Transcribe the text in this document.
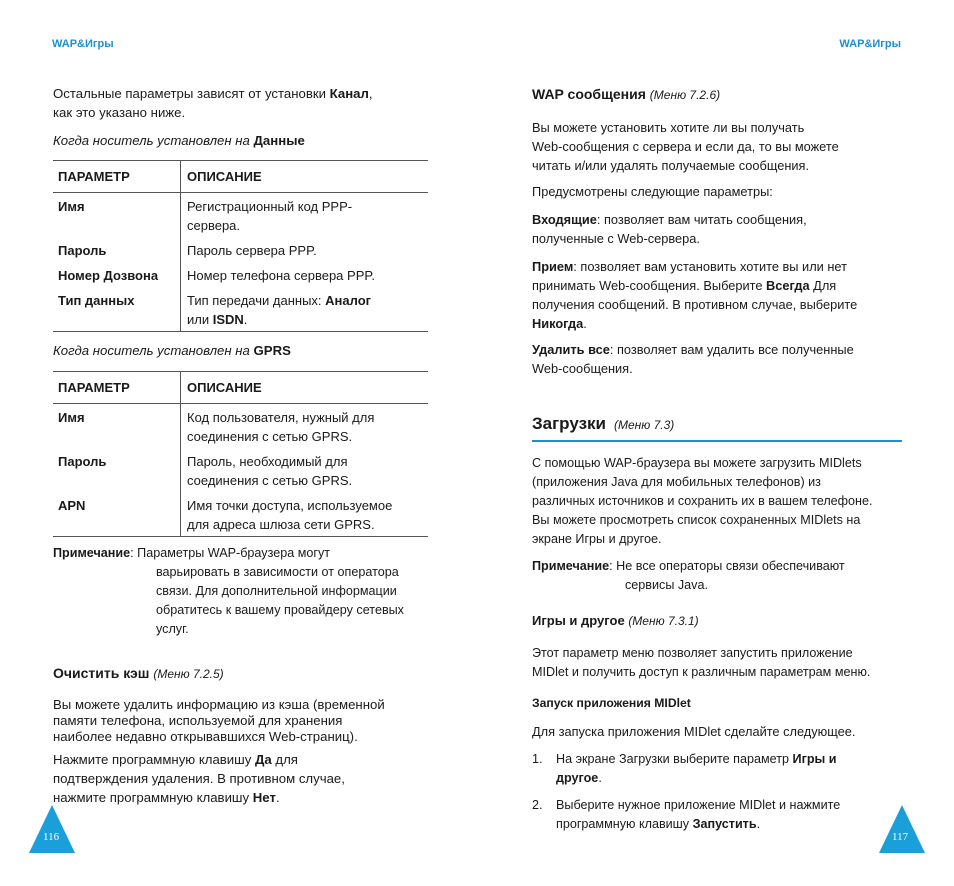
WAP&Игры	WAP&Игры

Остальные параметры зависят от установки Канал,

как это указано ниже.

Когда носитель установлен на Данные
ПАРАМЕТР	ОПИСАНИЕ
Имя	Регистрационный код PPP-
сервера.

Пароль	Пароль сервера PPP.
Номер Дозвона	Номер телефона сервера PPP.
Тип данных	Тип передачи данных: Аналог
или ISDN.
Когда носитель установлен на GPRS
ПАРАМЕТР	ОПИСАНИЕ
Имя	Код пользователя, нужный для
соединения с сетью GPRS.

Пароль	Пароль, необходимый для
соединения с сетью GPRS.

APN	Имя точки доступа, используемое
для адреса шлюза сети GPRS.

Примечание: Параметры WAP-браузера могут

варьировать в зависимости от оператора

связи. Для дополнительной информации

обратитесь к вашему провайдеру сетевых

услуг.

Очистить кэш (Меню 7.2.5)

Вы можете удалить информацию из кэша (временной

памяти телефона, используемой для хранения

наиболее недавно открывавшихся Web-страниц).

Нажмите программную клавишу Да для

подтверждения удаления. В противном случае,

нажмите программную клавишу Нет.

116
WAP сообщения (Меню 7.2.6)

Вы можете установить хотите ли вы получать

Web-сообщения с сервера и если да, то вы можете

читать и/или удалять получаемые сообщения.

Предусмотрены следующие параметры:

Входящие: позволяет вам читать сообщения,

полученные с Web-сервера.

Прием: позволяет вам установить хотите вы или нет

принимать Web-сообщения. Выберите Всегда Для

получения сообщений. В противном случае, выберите

Никогда.

Удалить все: позволяет вам удалить все полученные

Web-сообщения.

Загрузки (Меню 7.3)

С помощью WAP-браузера вы можете загрузить MIDlets

(приложения Java для мобильных телефонов) из

различных источников и сохранить их в вашем телефоне.

Вы можете просмотреть список сохраненных MIDlets на

экране Игры и другое.

Примечание: Не все операторы связи обеспечивают

сервисы Java.

Игры и другое (Меню 7.3.1)

Этот параметр меню позволяет запустить приложение

MIDlet и получить доступ к различным параметрам меню.

Запуск приложения MIDlet
Для запуска приложения MIDlet сделайте следующее.
1. На экране Загрузки выберите параметр Игры и
другое.
2. Выберите нужное приложение MIDlet и нажмите
программную клавишу Запустить.
117
